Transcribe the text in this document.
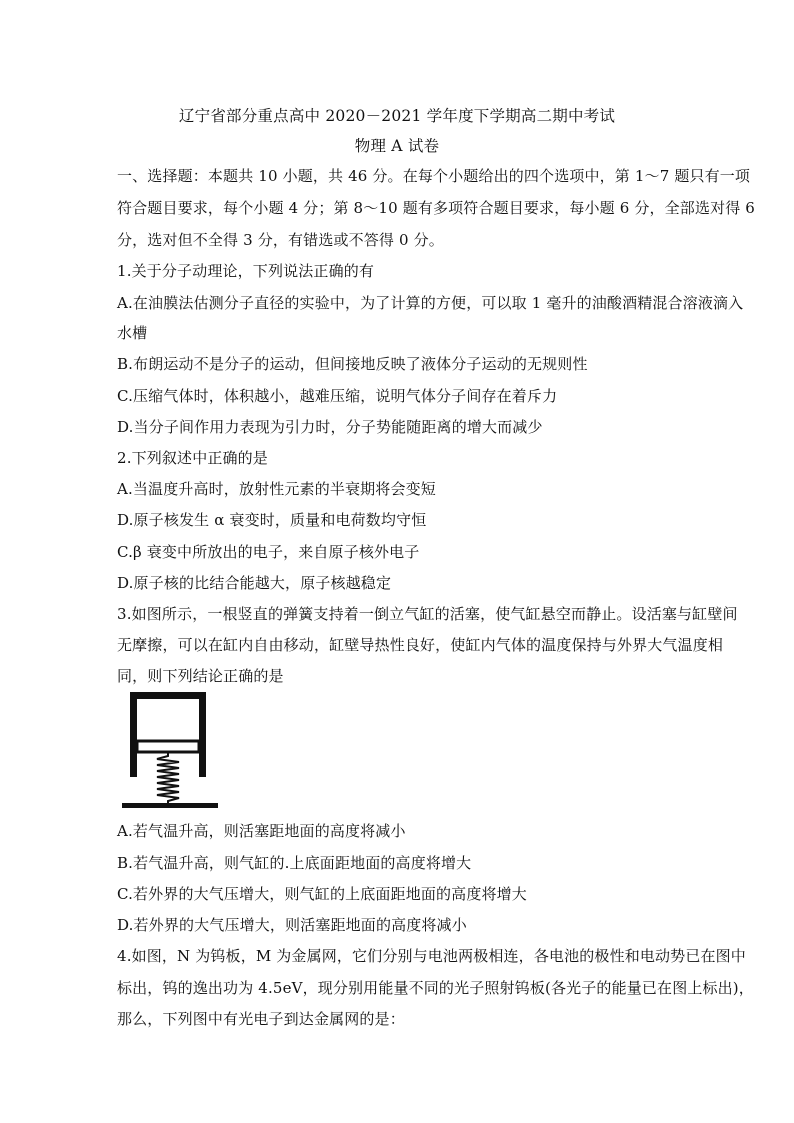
辽宁省部分重点高中 2020－2021 学年度下学期高二期中考试
物理 A 试卷
一、选择题：本题共 10 小题，共 46 分。在每个小题给出的四个选项中，第 1～7 题只有一项
符合题目要求，每个小题 4 分；第 8～10 题有多项符合题目要求，每小题 6 分，全部选对得 6
分，选对但不全得 3 分，有错选或不答得 0 分。
1.关于分子动理论，下列说法正确的有
A.在油膜法估测分子直径的实验中，为了计算的方便，可以取 1 毫升的油酸酒精混合溶液滴入
水槽
B.布朗运动不是分子的运动，但间接地反映了液体分子运动的无规则性
C.压缩气体时，体积越小，越难压缩，说明气体分子间存在着斥力
D.当分子间作用力表现为引力时，分子势能随距离的增大而减少
2.下列叙述中正确的是
A.当温度升高时，放射性元素的半衰期将会变短
D.原子核发生 α 衰变时，质量和电荷数均守恒
C.β 衰变中所放出的电子，来自原子核外电子
D.原子核的比结合能越大，原子核越稳定
3.如图所示，一根竖直的弹簧支持着一倒立气缸的活塞，使气缸悬空而静止。设活塞与缸壁间
无摩擦，可以在缸内自由移动，缸壁导热性良好，使缸内气体的温度保持与外界大气温度相
同，则下列结论正确的是
A.若气温升高，则活塞距地面的高度将减小
B.若气温升高，则气缸的.上底面距地面的高度将增大
C.若外界的大气压增大，则气缸的上底面距地面的高度将增大
D.若外界的大气压增大，则活塞距地面的高度将减小
4.如图，N 为钨板，M 为金属网，它们分别与电池两极相连，各电池的极性和电动势已在图中
标出，钨的逸出功为 4.5eV，现分别用能量不同的光子照射钨板(各光子的能量已在图上标出)，
那么，下列图中有光电子到达金属网的是：
